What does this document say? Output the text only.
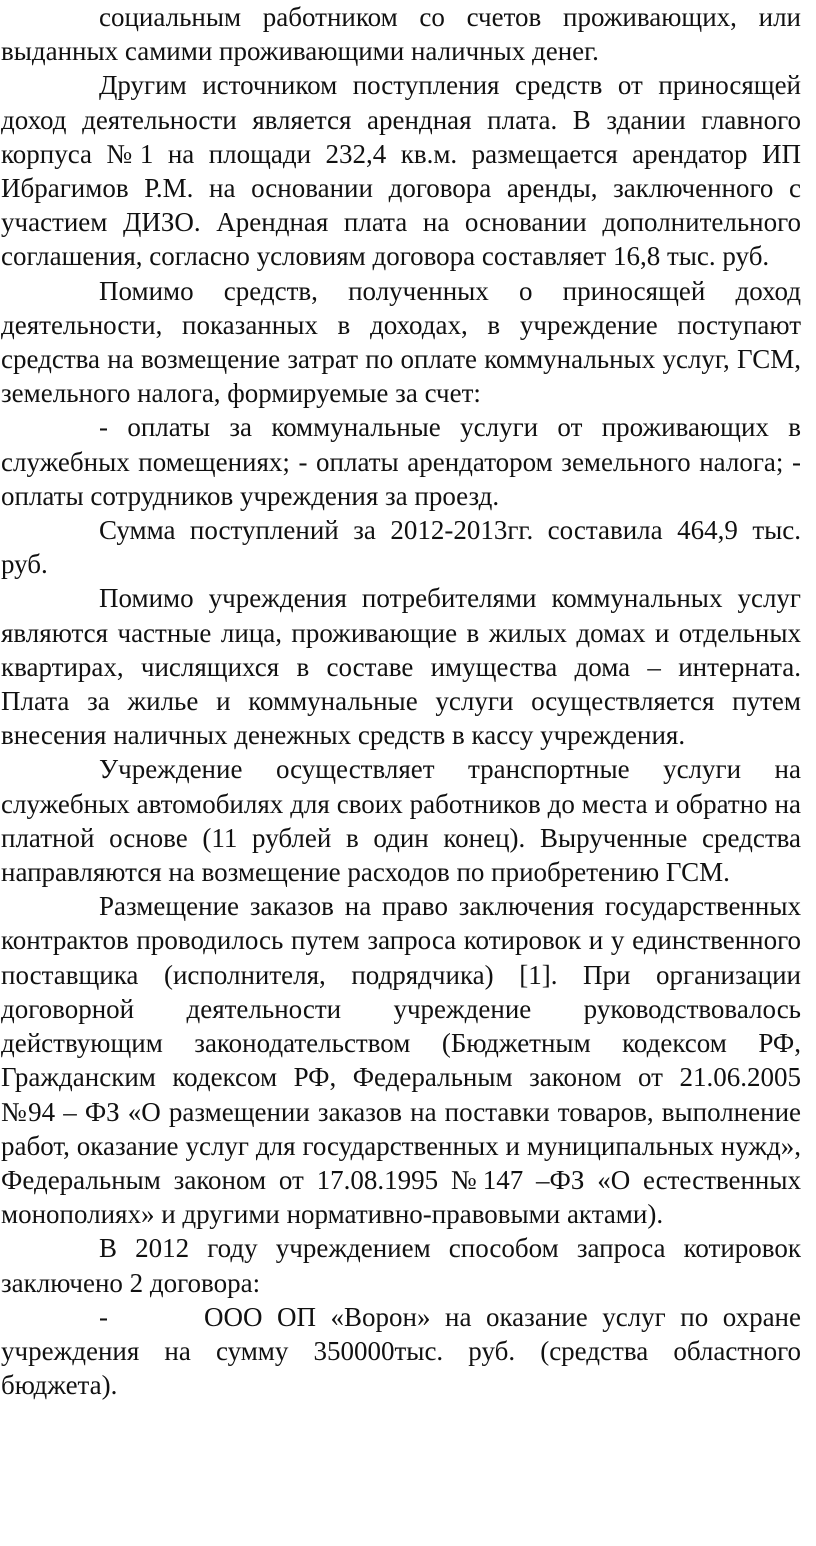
социальным работником со счетов проживающих, или выданных самими проживающими наличных денег.

Другим источником поступления средств от приносящей доход деятельности является арендная плата. В здании главного корпуса №1 на площади 232,4 кв.м. размещается арендатор ИП Ибрагимов Р.М. на основании договора аренды, заключенного с участием ДИЗО. Арендная плата на основании дополнительного соглашения, согласно условиям договора составляет 16,8 тыс. руб.

Помимо средств, полученных о приносящей доход деятельности, показанных в доходах, в учреждение поступают средства на возмещение затрат по оплате коммунальных услуг, ГСМ, земельного налога, формируемые за счет:

- оплаты за коммунальные услуги от проживающих в служебных помещениях; - оплаты арендатором земельного налога; - оплаты сотрудников учреждения за проезд.

Сумма поступлений за 2012-2013гг. составила 464,9 тыс. руб.

Помимо учреждения потребителями коммунальных услуг являются частные лица, проживающие в жилых домах и отдельных квартирах, числящихся в составе имущества дома – интерната. Плата за жилье и коммунальные услуги осуществляется путем внесения наличных денежных средств в кассу учреждения.

Учреждение осуществляет транспортные услуги на служебных автомобилях для своих работников до места и обратно на платной основе (11 рублей в один конец). Вырученные средства направляются на возмещение расходов по приобретению ГСМ.

Размещение заказов на право заключения государственных контрактов проводилось путем запроса котировок и у единственного поставщика (исполнителя, подрядчика) [1]. При организации договорной деятельности учреждение руководствовалось действующим законодательством (Бюджетным кодексом РФ, Гражданским кодексом РФ, Федеральным законом от 21.06.2005 №94 – ФЗ «О размещении заказов на поставки товаров, выполнение работ, оказание услуг для государственных и муниципальных нужд», Федеральным законом от 17.08.1995 №147 –ФЗ «О естественных монополиях» и другими нормативно-правовыми актами).

В 2012 году учреждением способом запроса котировок заключено 2 договора:

-	ООО ОП «Ворон» на оказание услуг по охране учреждения на сумму 350000тыс. руб. (средства областного бюджета).
